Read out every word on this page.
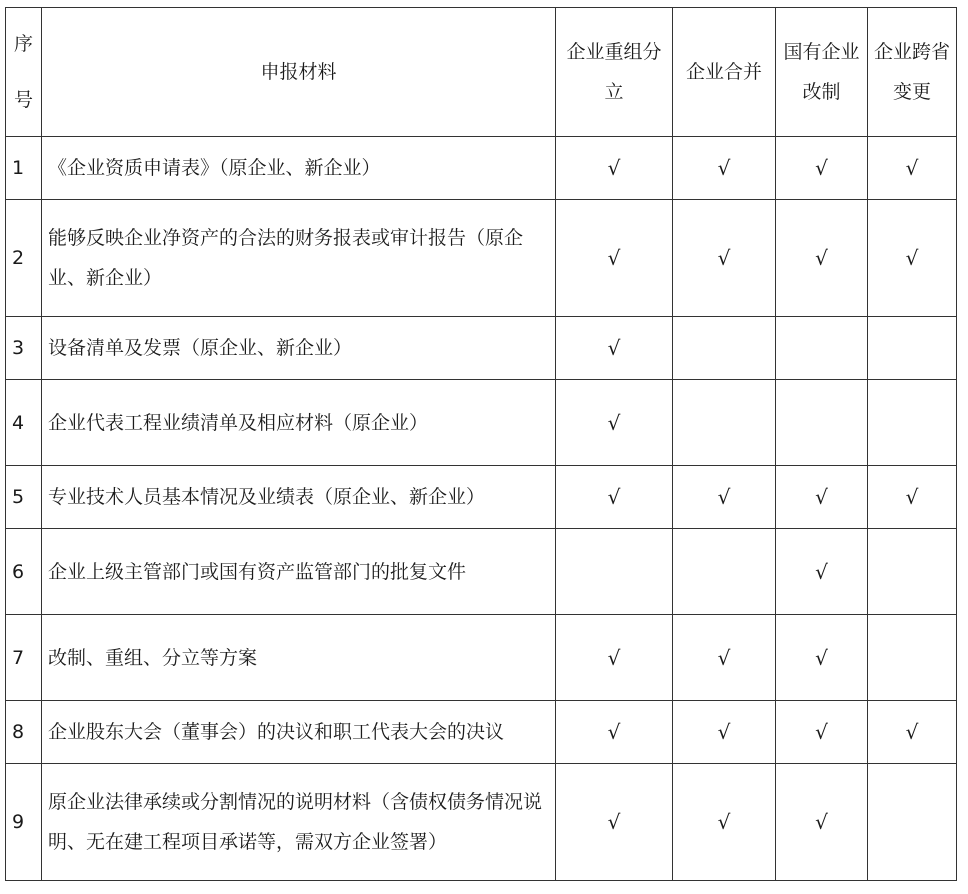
序号	申报材料	企业重组分立	企业合并	国有企业改制	企业跨省变更
1	《企业资质申请表》（原企业、新企业）	√	√	√	√
2	能够反映企业净资产的合法的财务报表或审计报告（原企业、新企业）	√	√	√	√
3	设备清单及发票（原企业、新企业）	√			
4	企业代表工程业绩清单及相应材料（原企业）	√			
5	专业技术人员基本情况及业绩表（原企业、新企业）	√	√	√	√
6	企业上级主管部门或国有资产监管部门的批复文件			√	
7	改制、重组、分立等方案	√	√	√	
8	企业股东大会（董事会）的决议和职工代表大会的决议	√	√	√	√
9	原企业法律承续或分割情况的说明材料（含债权债务情况说明、无在建工程项目承诺等，需双方企业签署）	√	√	√	
